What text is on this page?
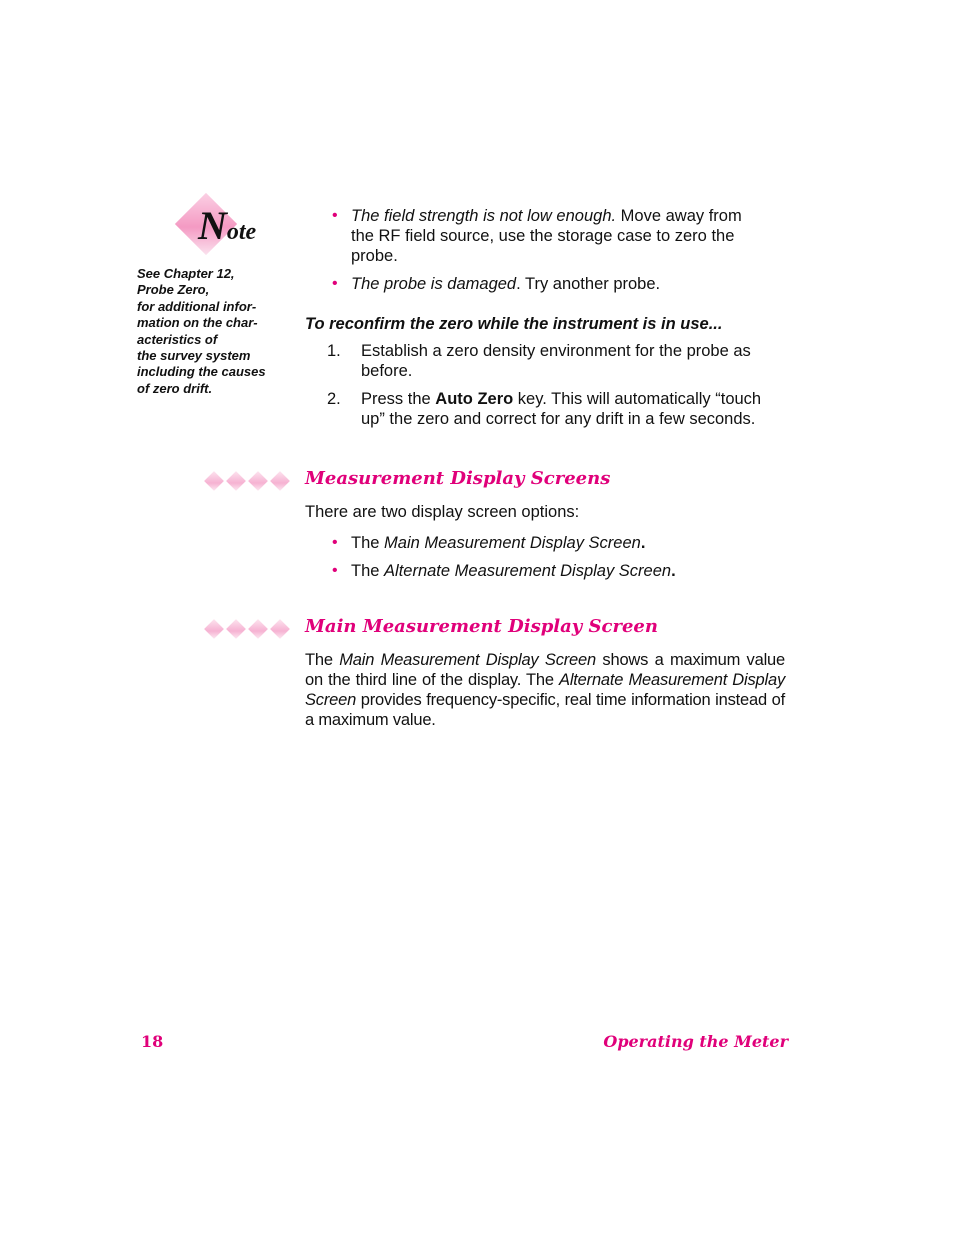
Note
See Chapter 12,
Probe Zero,
for additional infor-
mation on the char-
acteristics of
the survey system
including the causes
of zero drift.
• The field strength is not low enough. Move away from
the RF field source, use the storage case to zero the
probe.
• The probe is damaged. Try another probe.
To reconfirm the zero while the instrument is in use...
1. Establish a zero density environment for the probe as
before.
2. Press the Auto Zero key. This will automatically “touch
up” the zero and correct for any drift in a few seconds.
Measurement Display Screens
There are two display screen options:
• The Main Measurement Display Screen.
• The Alternate Measurement Display Screen.
Main Measurement Display Screen
The Main Measurement Display Screen shows a maximum value on the third line of the display. The Alternate Measurement Display Screen provides frequency-specific, real time information instead of a maximum value.
18	Operating the Meter
